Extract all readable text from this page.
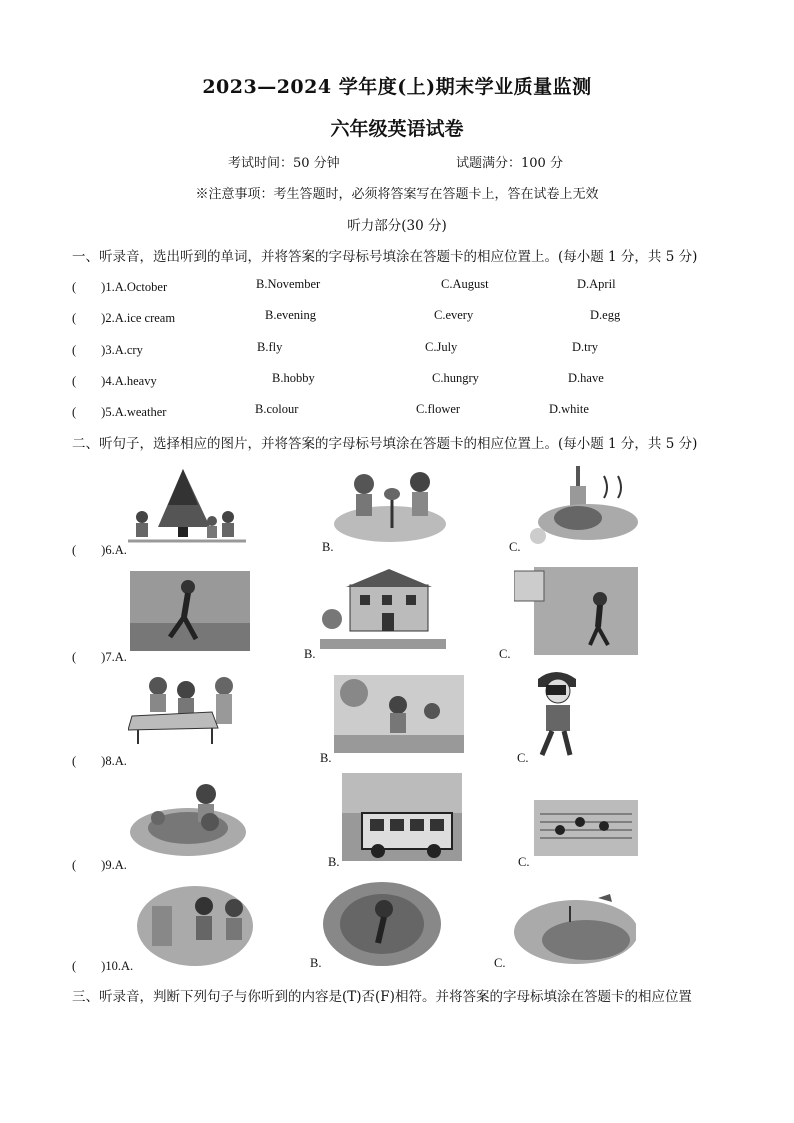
2023—2024 学年度(上)期末学业质量监测
六年级英语试卷
考试时间：50 分钟	试题满分：100 分
※注意事项：考生答题时，必须将答案写在答题卡上，答在试卷上无效
听力部分(30 分)
一、听录音，选出听到的单词，并将答案的字母标号填涂在答题卡的相应位置上。(每小题 1 分，共 5 分)
(　　)1.A.October	B.November	C.August	D.April
(　　)2.A.ice cream	B.evening	C.every	D.egg
(　　)3.A.cry	B.fly	C.July	D.try
(　　)4.A.heavy	B.hobby	C.hungry	D.have
(　　)5.A.weather	B.colour	C.flower	D.white
二、听句子，选择相应的图片，并将答案的字母标号填涂在答题卡的相应位置上。(每小题 1 分，共 5 分)
(　　)6.A.	B.	C.
(　　)7.A.	B.	C.
(　　)8.A.	B.	C.
(　　)9.A.	B.	C.
(　　)10.A.	B.	C.
三、听录音，判断下列句子与你听到的内容是(T)否(F)相符。并将答案的字母标填涂在答题卡的相应位置
